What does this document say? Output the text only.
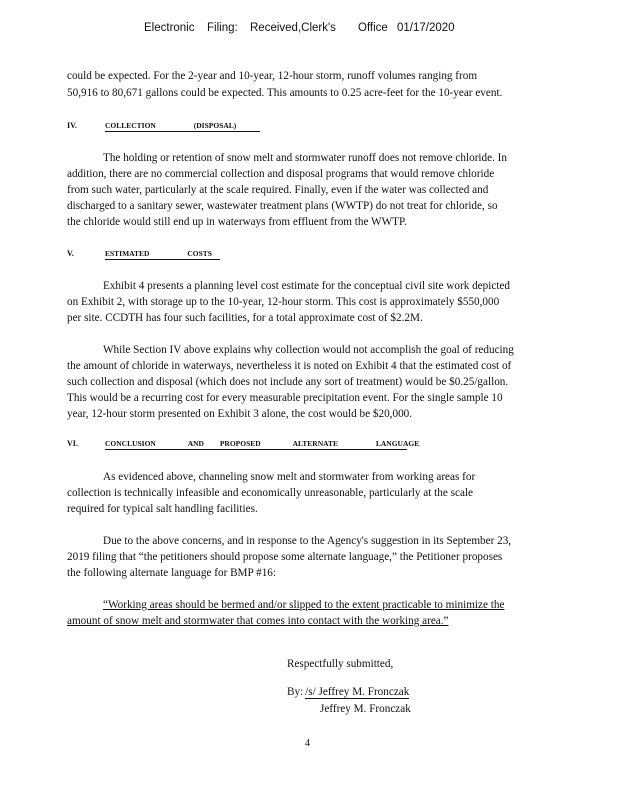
Electronic Filing: Received,Clerk's Office 01/17/2020
could be expected. For the 2-year and 10-year, 12-hour storm, runoff volumes ranging from
50,916 to 80,671 gallons could be expected. This amounts to 0.25 acre-feet for the 10-year event.
IV.	COLLECTION	(DISPOSAL)
The holding or retention of snow melt and stormwater runoff does not remove chloride. In
addition, there are no commercial collection and disposal programs that would remove chloride
from such water, particularly at the scale required. Finally, even if the water was collected and
discharged to a sanitary sewer, wastewater treatment plans (WWTP) do not treat for chloride, so
the chloride would still end up in waterways from effluent from the WWTP.
V.	ESTIMATED	COSTS
Exhibit 4 presents a planning level cost estimate for the conceptual civil site work depicted
on Exhibit 2, with storage up to the 10-year, 12-hour storm. This cost is approximately $550,000
per site. CCDTH has four such facilities, for a total approximate cost of $2.2M.
While Section IV above explains why collection would not accomplish the goal of reducing
the amount of chloride in waterways, nevertheless it is noted on Exhibit 4 that the estimated cost of
such collection and disposal (which does not include any sort of treatment) would be $0.25/gallon.
This would be a recurring cost for every measurable precipitation event. For the single sample 10
year, 12-hour storm presented on Exhibit 3 alone, the cost would be $20,000.
VI.	CONCLUSION	AND PROPOSED	ALTERNATE	LANGUAGE
As evidenced above, channeling snow melt and stormwater from working areas for
collection is technically infeasible and economically unreasonable, particularly at the scale
required for typical salt handling facilities.
Due to the above concerns, and in response to the Agency's suggestion in its September 23,
2019 filing that “the petitioners should propose some alternate language,” the Petitioner proposes
the following alternate language for BMP #16:
“Working areas should be bermed and/or slipped to the extent practicable to minimize the
amount of snow melt and stormwater that comes into contact with the working area.”
Respectfully submitted,
By: /s/ Jeffrey M. Fronczak
Jeffrey M. Fronczak
4
